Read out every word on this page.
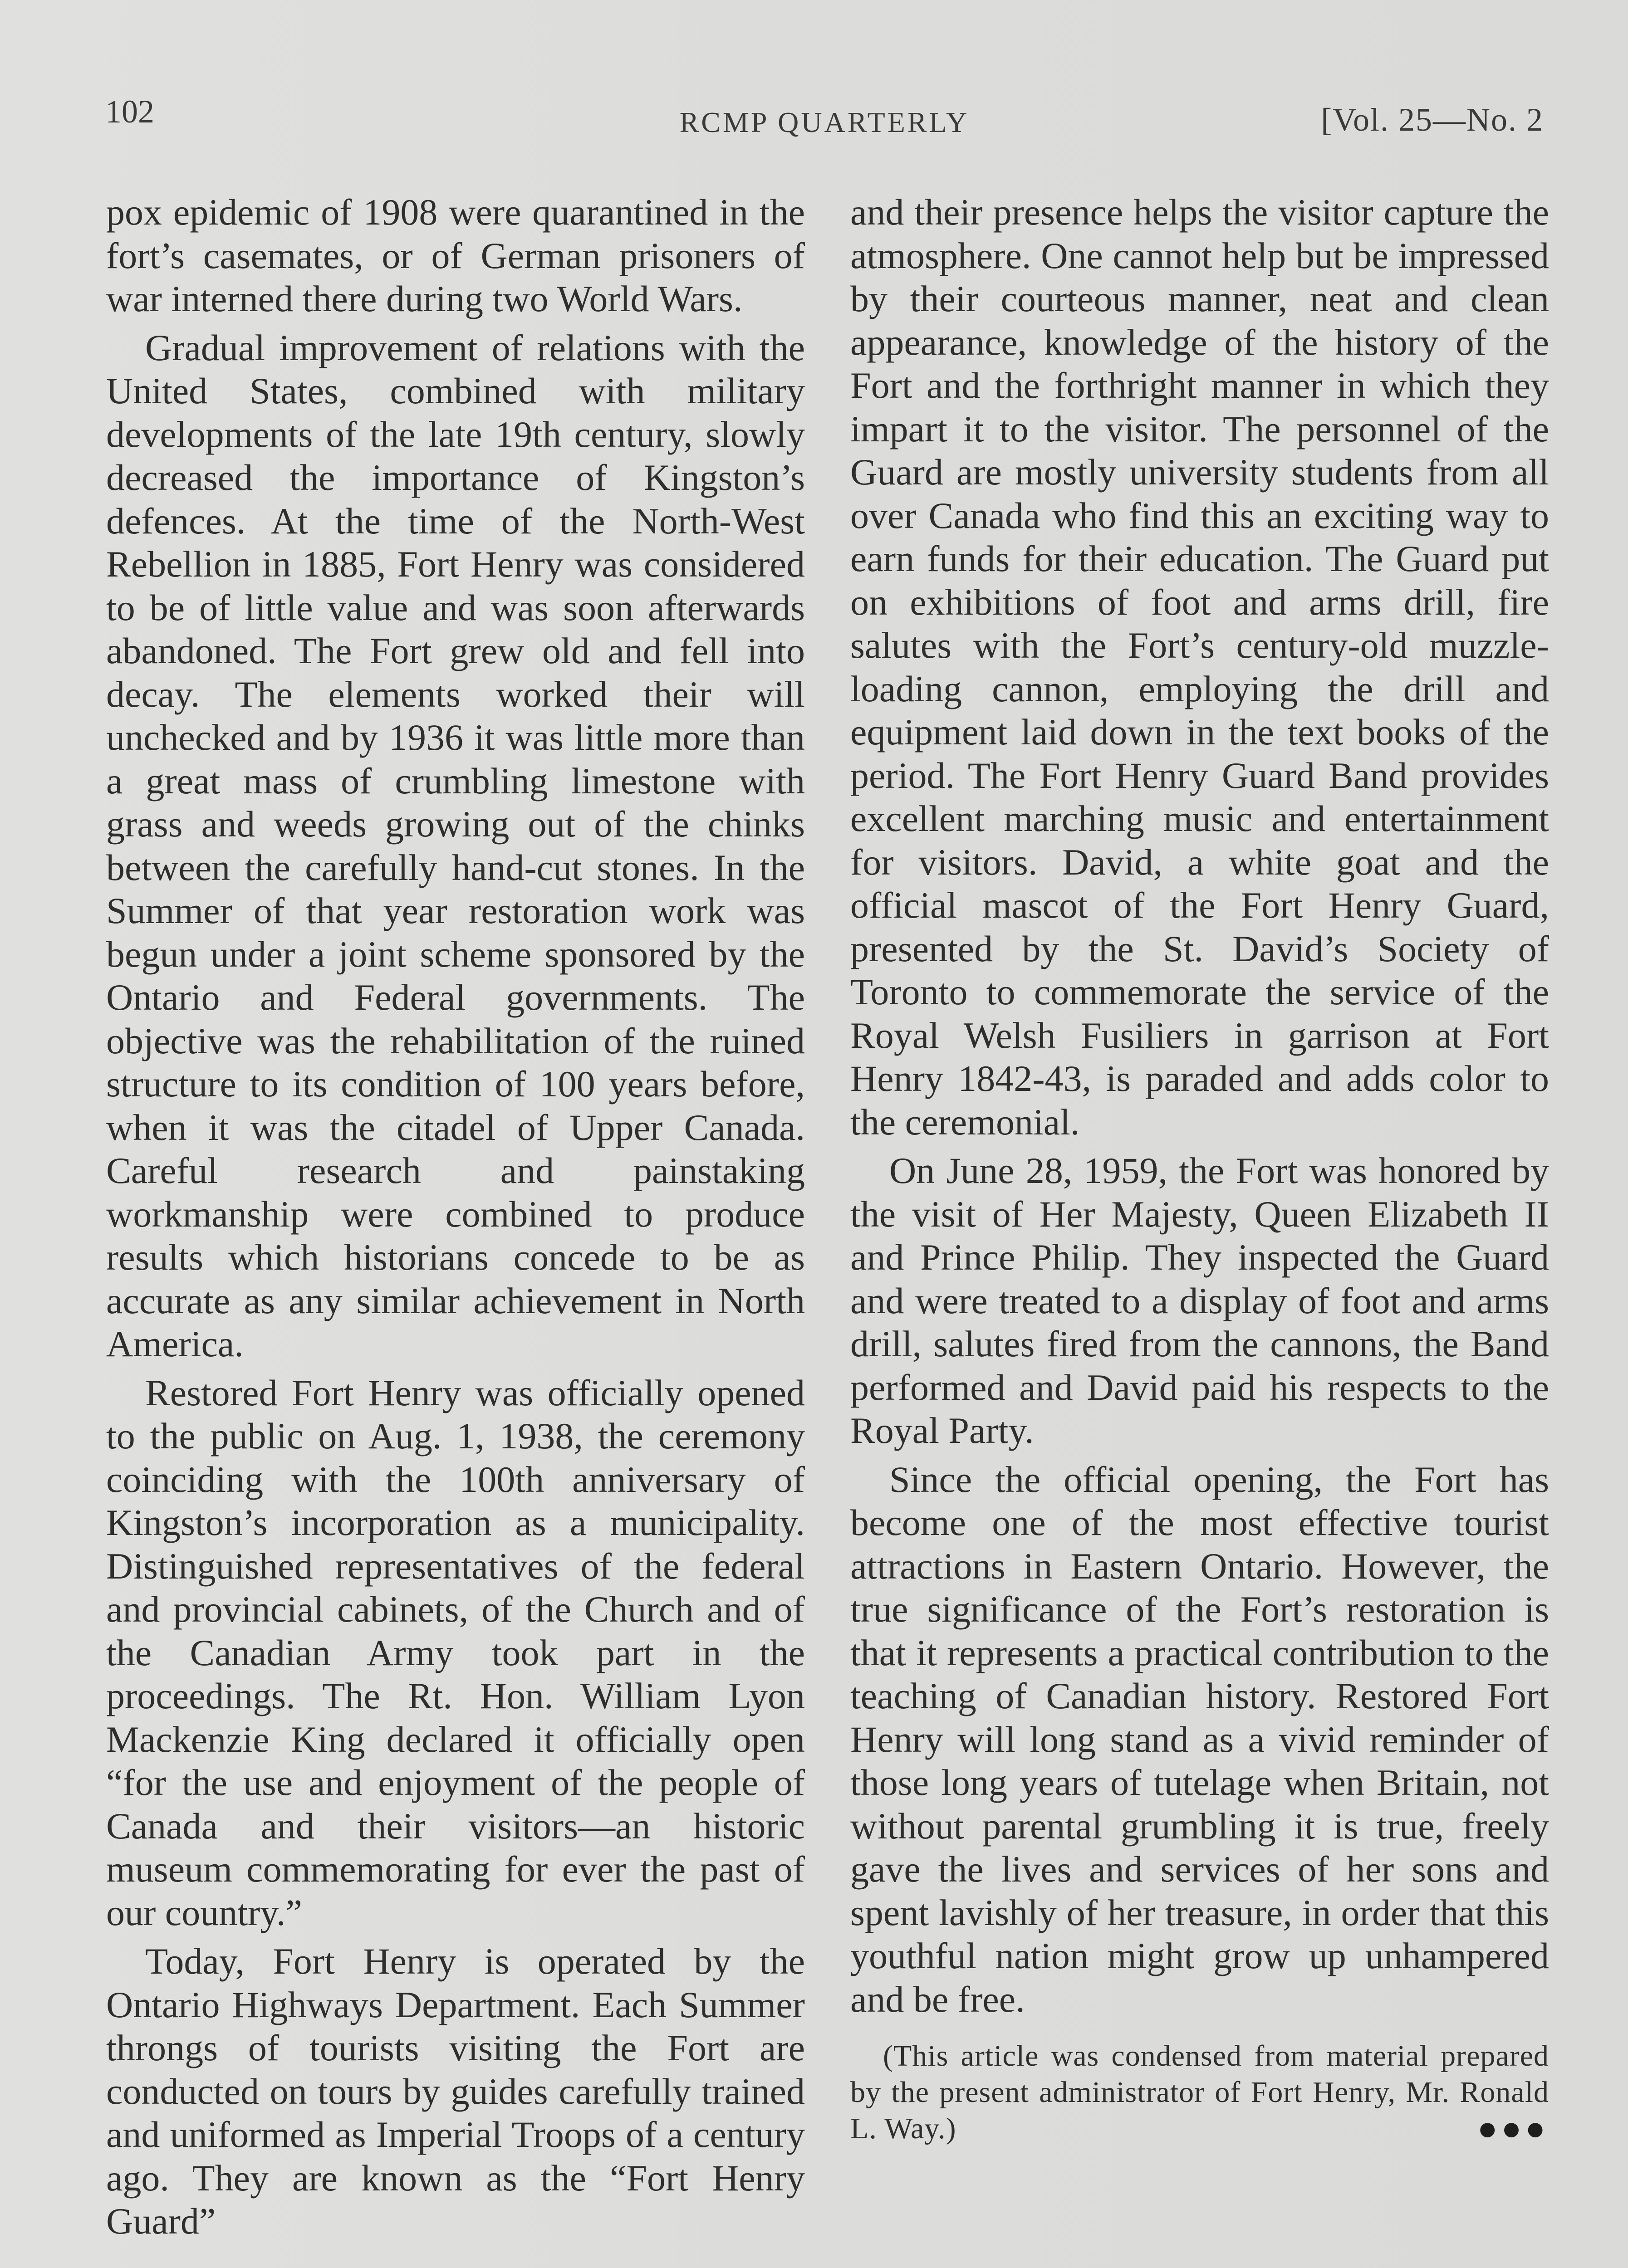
102	RCMP QUARTERLY	[Vol. 25—No. 2

pox epidemic of 1908 were quarantined in the fort’s casemates, or of German prisoners of war interned there during two World Wars.

Gradual improvement of relations with the United States, combined with military developments of the late 19th century, slowly decreased the importance of Kingston’s defences. At the time of the North-West Rebellion in 1885, Fort Henry was considered to be of little value and was soon afterwards abandoned. The Fort grew old and fell into decay. The elements worked their will unchecked and by 1936 it was little more than a great mass of crumbling limestone with grass and weeds growing out of the chinks between the carefully hand-cut stones. In the Summer of that year restoration work was begun under a joint scheme sponsored by the Ontario and Federal governments. The objective was the rehabilitation of the ruined structure to its condition of 100 years before, when it was the citadel of Upper Canada. Careful research and painstaking workmanship were combined to produce results which historians concede to be as accurate as any similar achievement in North America.

Restored Fort Henry was officially opened to the public on Aug. 1, 1938, the ceremony coinciding with the 100th anniversary of Kingston’s incorporation as a municipality. Distinguished representatives of the federal and provincial cabinets, of the Church and of the Canadian Army took part in the proceedings. The Rt. Hon. William Lyon Mackenzie King declared it officially open “for the use and enjoyment of the people of Canada and their visitors—an historic museum commemorating for ever the past of our country.”

Today, Fort Henry is operated by the Ontario Highways Department. Each Summer throngs of tourists visiting the Fort are conducted on tours by guides carefully trained and uniformed as Imperial Troops of a century ago. They are known as the “Fort Henry Guard”

and their presence helps the visitor capture the atmosphere. One cannot help but be impressed by their courteous manner, neat and clean appearance, knowledge of the history of the Fort and the forthright manner in which they impart it to the visitor. The personnel of the Guard are mostly university students from all over Canada who find this an exciting way to earn funds for their education. The Guard put on exhibitions of foot and arms drill, fire salutes with the Fort’s century-old muzzle-loading cannon, employing the drill and equipment laid down in the text books of the period. The Fort Henry Guard Band provides excellent marching music and entertainment for visitors. David, a white goat and the official mascot of the Fort Henry Guard, presented by the St. David’s Society of Toronto to commemorate the service of the Royal Welsh Fusiliers in garrison at Fort Henry 1842-43, is paraded and adds color to the ceremonial.

On June 28, 1959, the Fort was honored by the visit of Her Majesty, Queen Elizabeth II and Prince Philip. They inspected the Guard and were treated to a display of foot and arms drill, salutes fired from the cannons, the Band performed and David paid his respects to the Royal Party.

Since the official opening, the Fort has become one of the most effective tourist attractions in Eastern Ontario. However, the true significance of the Fort’s restoration is that it represents a practical contribution to the teaching of Canadian history. Restored Fort Henry will long stand as a vivid reminder of those long years of tutelage when Britain, not without parental grumbling it is true, freely gave the lives and services of her sons and spent lavishly of her treasure, in order that this youthful nation might grow up unhampered and be free.

(This article was condensed from material prepared by the present administrator of Fort Henry, Mr. Ronald L. Way.)	●●●
